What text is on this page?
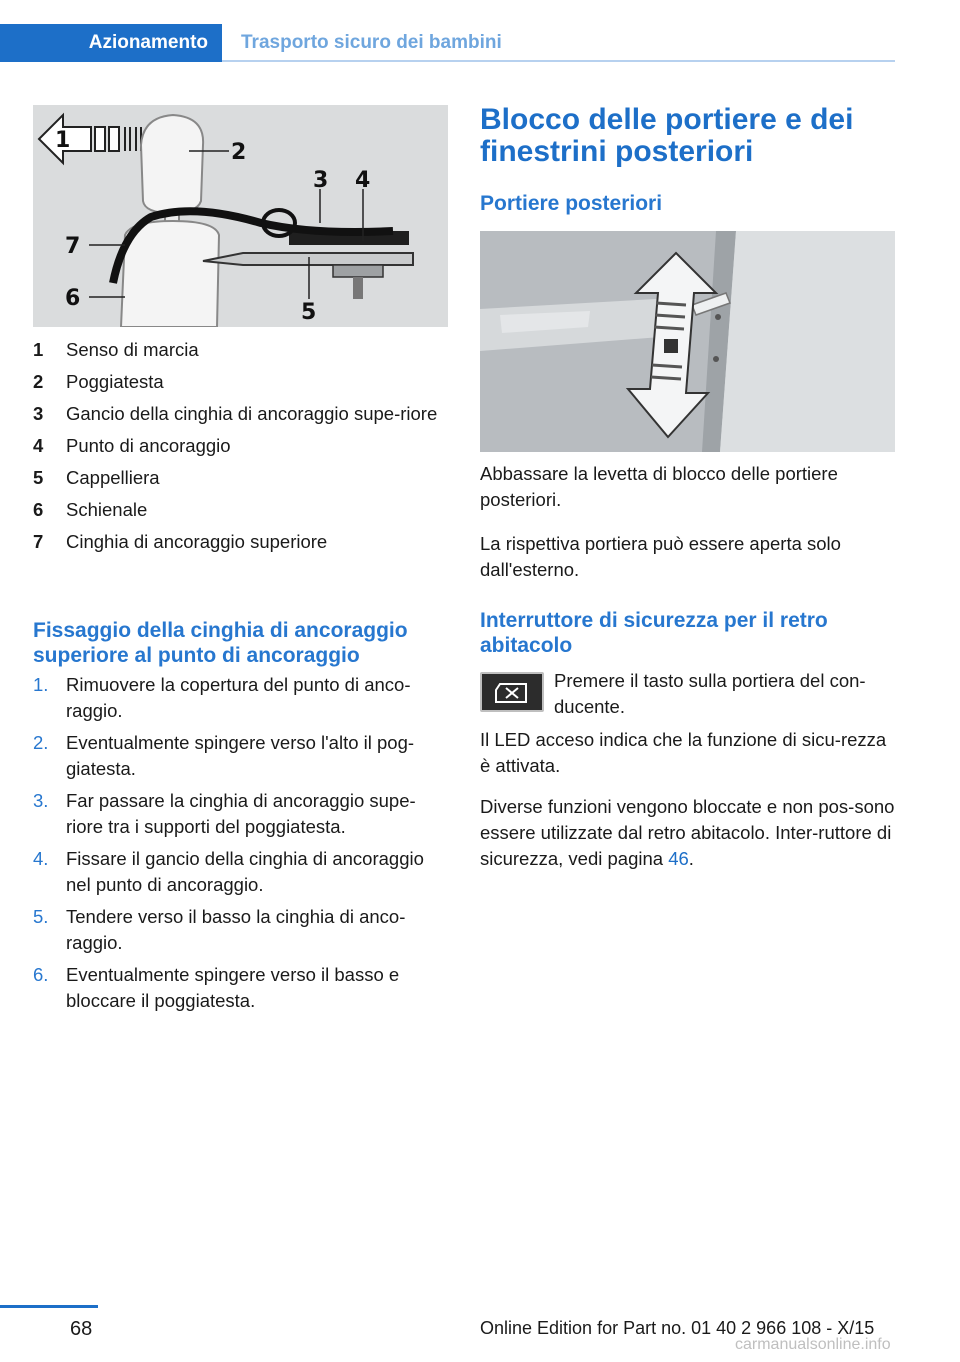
Azionamento Trasporto sicuro dei bambini
1	2
3 4
5
6
7
1	Senso di marcia
2	Poggiatesta
3	Gancio della cinghia di ancoraggio supe‐riore
4	Punto di ancoraggio
5	Cappelliera
6	Schienale
7	Cinghia di ancoraggio superiore
Fissaggio della cinghia di ancoraggio superiore al punto di ancoraggio
1. Rimuovere la copertura del punto di anco‐raggio.
2. Eventualmente spingere verso l'alto il pog‐giatesta.
3. Far passare la cinghia di ancoraggio supe‐riore tra i supporti del poggiatesta.
4. Fissare il gancio della cinghia di ancoraggio nel punto di ancoraggio.
5. Tendere verso il basso la cinghia di anco‐raggio.
6. Eventualmente spingere verso il basso e bloccare il poggiatesta.
Blocco delle portiere e dei finestrini posteriori
Portiere posteriori

Abbassare la levetta di blocco delle portiere posteriori.

La rispettiva portiera può essere aperta solo dall'esterno.

Interruttore di sicurezza per il retro abitacolo

Premere il tasto sulla portiera del con‐ducente.

Il LED acceso indica che la funzione di sicu‐rezza è attivata.

Diverse funzioni vengono bloccate e non pos‐sono essere utilizzate dal retro abitacolo. Inter‐ruttore di sicurezza, vedi pagina 46.

68	Online Edition for Part no. 01 40 2 966 108 - X/15
carmanualsonline.info
